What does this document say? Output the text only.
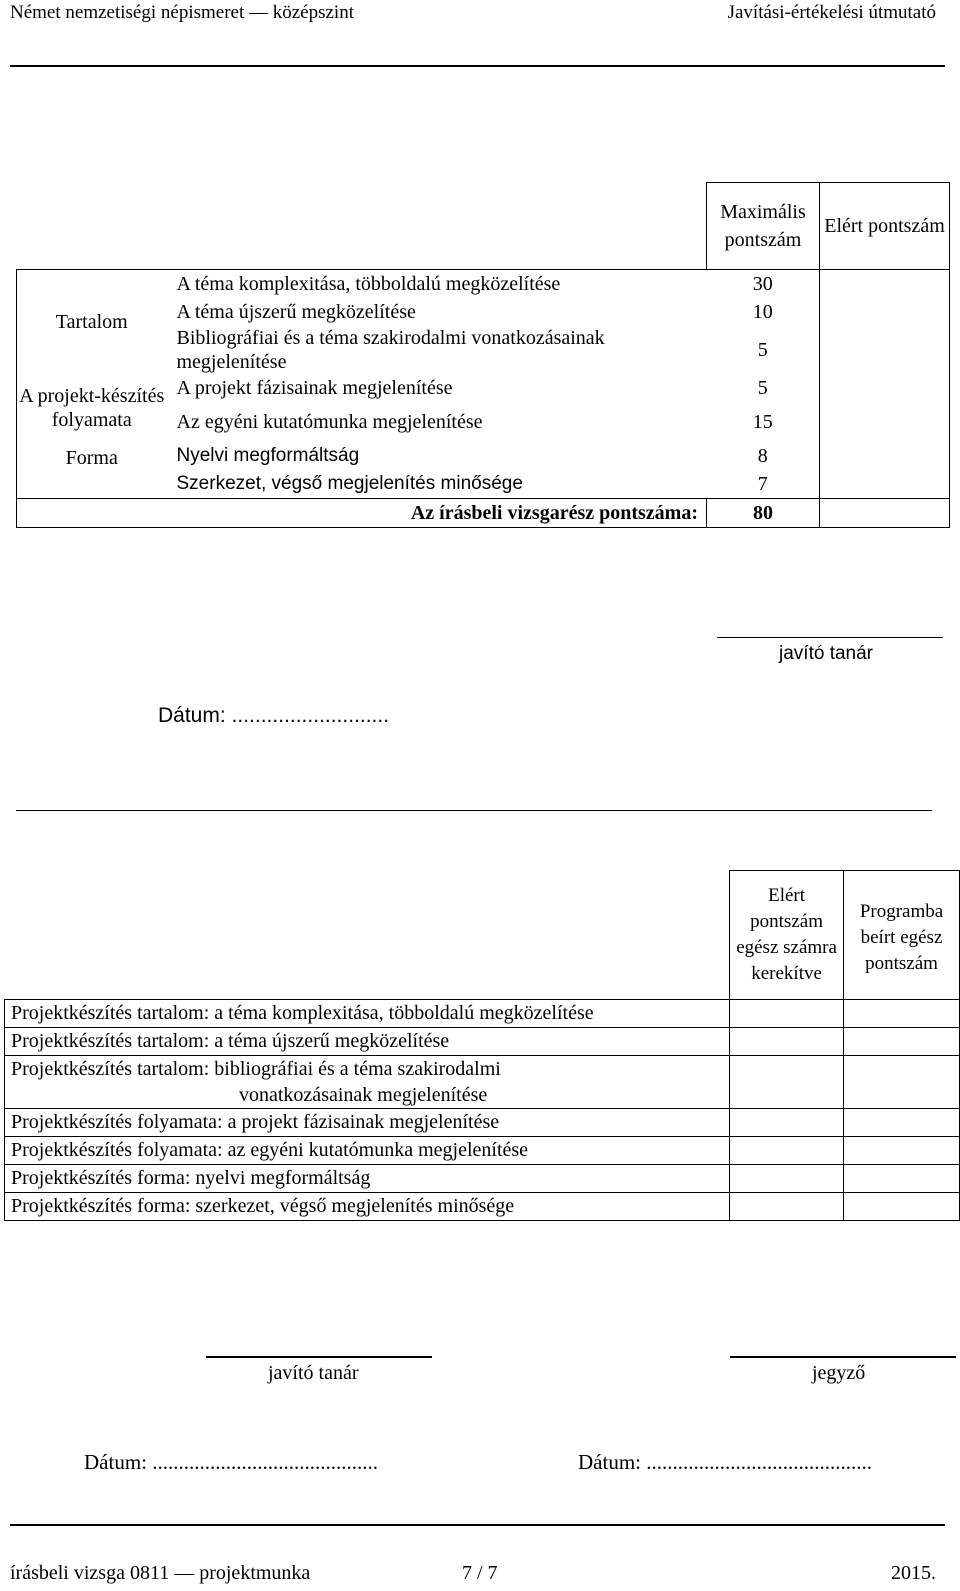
Német nemzetiségi népismeret — középszint	Javítási-értékelési útmutató
		Maximális pontszám	Elért pontszám
Tartalom	A téma komplexitása, többoldalú megközelítése	30	
	A téma újszerű megközelítése	10	
	Bibliográfiai és a téma szakirodalmi vonatkozásainak megjelenítése	5	
A projekt-készítés folyamata	A projekt fázisainak megjelenítése	5	
	Az egyéni kutatómunka megjelenítése	15	
Forma	Nyelvi megformáltság	8	
	Szerkezet, végső megjelenítés minősége	7	
Az írásbeli vizsgarész pontszáma:		80	
javító tanár
Dátum: ...........................
	Elért pontszám egész számra kerekítve	Programba beírt egész pontszám
Projektkészítés tartalom: a téma komplexitása, többoldalú megközelítése		
Projektkészítés tartalom: a téma újszerű megközelítése		

Projektkészítés tartalom: bibliográfiai és a téma szakirodalmi
vonatkozásainak megjelenítése		

Projektkészítés folyamata: a projekt fázisainak megjelenítése		
Projektkészítés folyamata: az egyéni kutatómunka megjelenítése		
Projektkészítés forma: nyelvi megformáltság		
Projektkészítés forma: szerkezet, végső megjelenítés minősége		
javító tanár	jegyző
Dátum: ...........................................	Dátum: ...........................................
írásbeli vizsga 0811 — projektmunka	7 / 7	2015.
